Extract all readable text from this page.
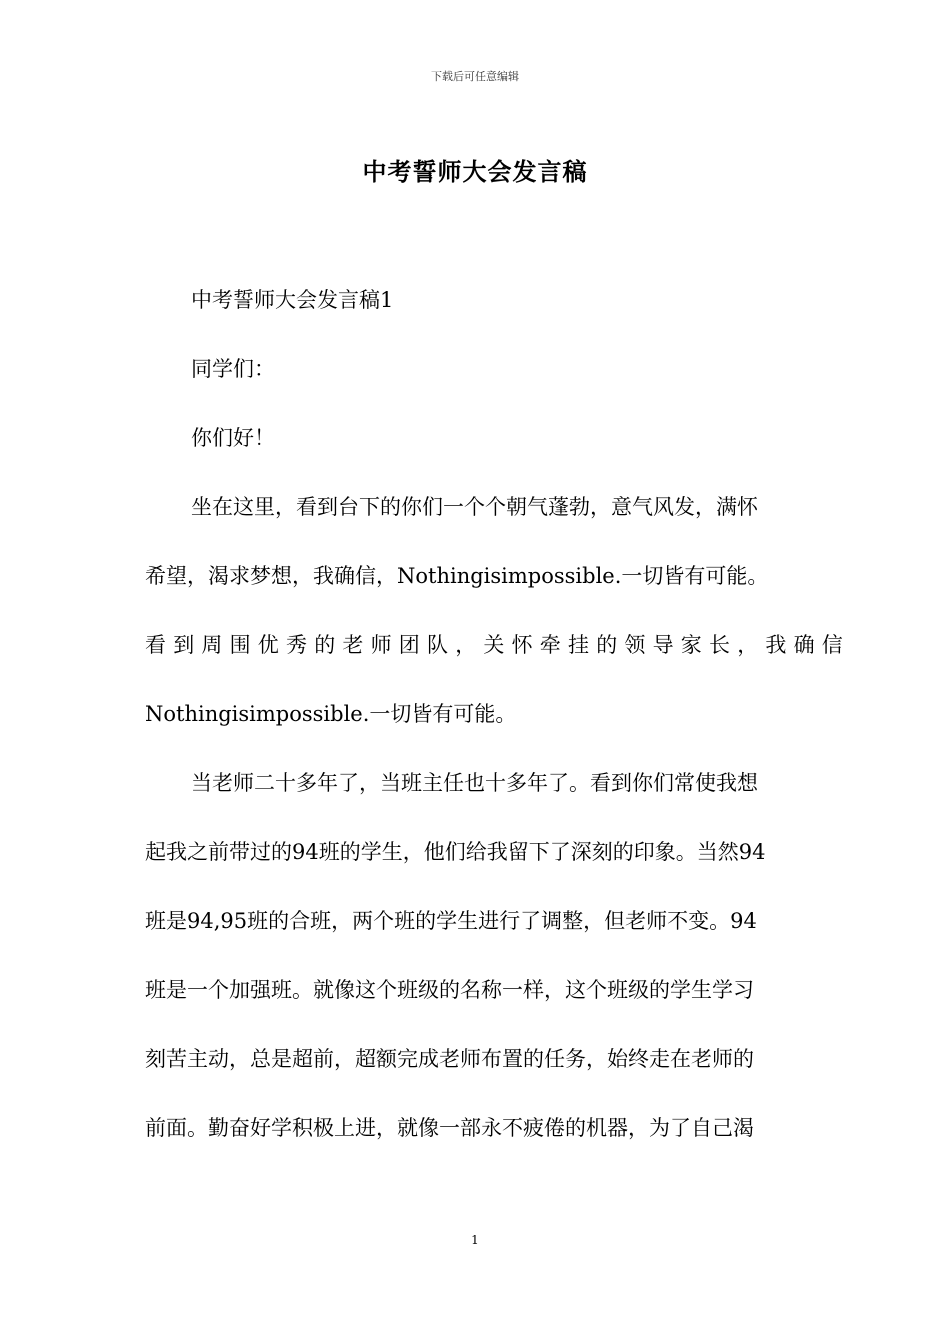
下载后可任意编辑
中考誓师大会发言稿
中考誓师大会发言稿1
同学们：
你们好！
坐在这里，看到台下的你们一个个朝气蓬勃，意气风发，满怀
希望，渴求梦想，我确信，Nothingisimpossible.一切皆有可能。
看到周围优秀的老师团队，关怀牵挂的领导家长，我确信
Nothingisimpossible.一切皆有可能。
当老师二十多年了，当班主任也十多年了。看到你们常使我想
起我之前带过的94班的学生，他们给我留下了深刻的印象。当然94
班是94,95班的合班，两个班的学生进行了调整，但老师不变。94
班是一个加强班。就像这个班级的名称一样，这个班级的学生学习
刻苦主动，总是超前，超额完成老师布置的任务，始终走在老师的
前面。勤奋好学积极上进，就像一部永不疲倦的机器，为了自己渴
1
